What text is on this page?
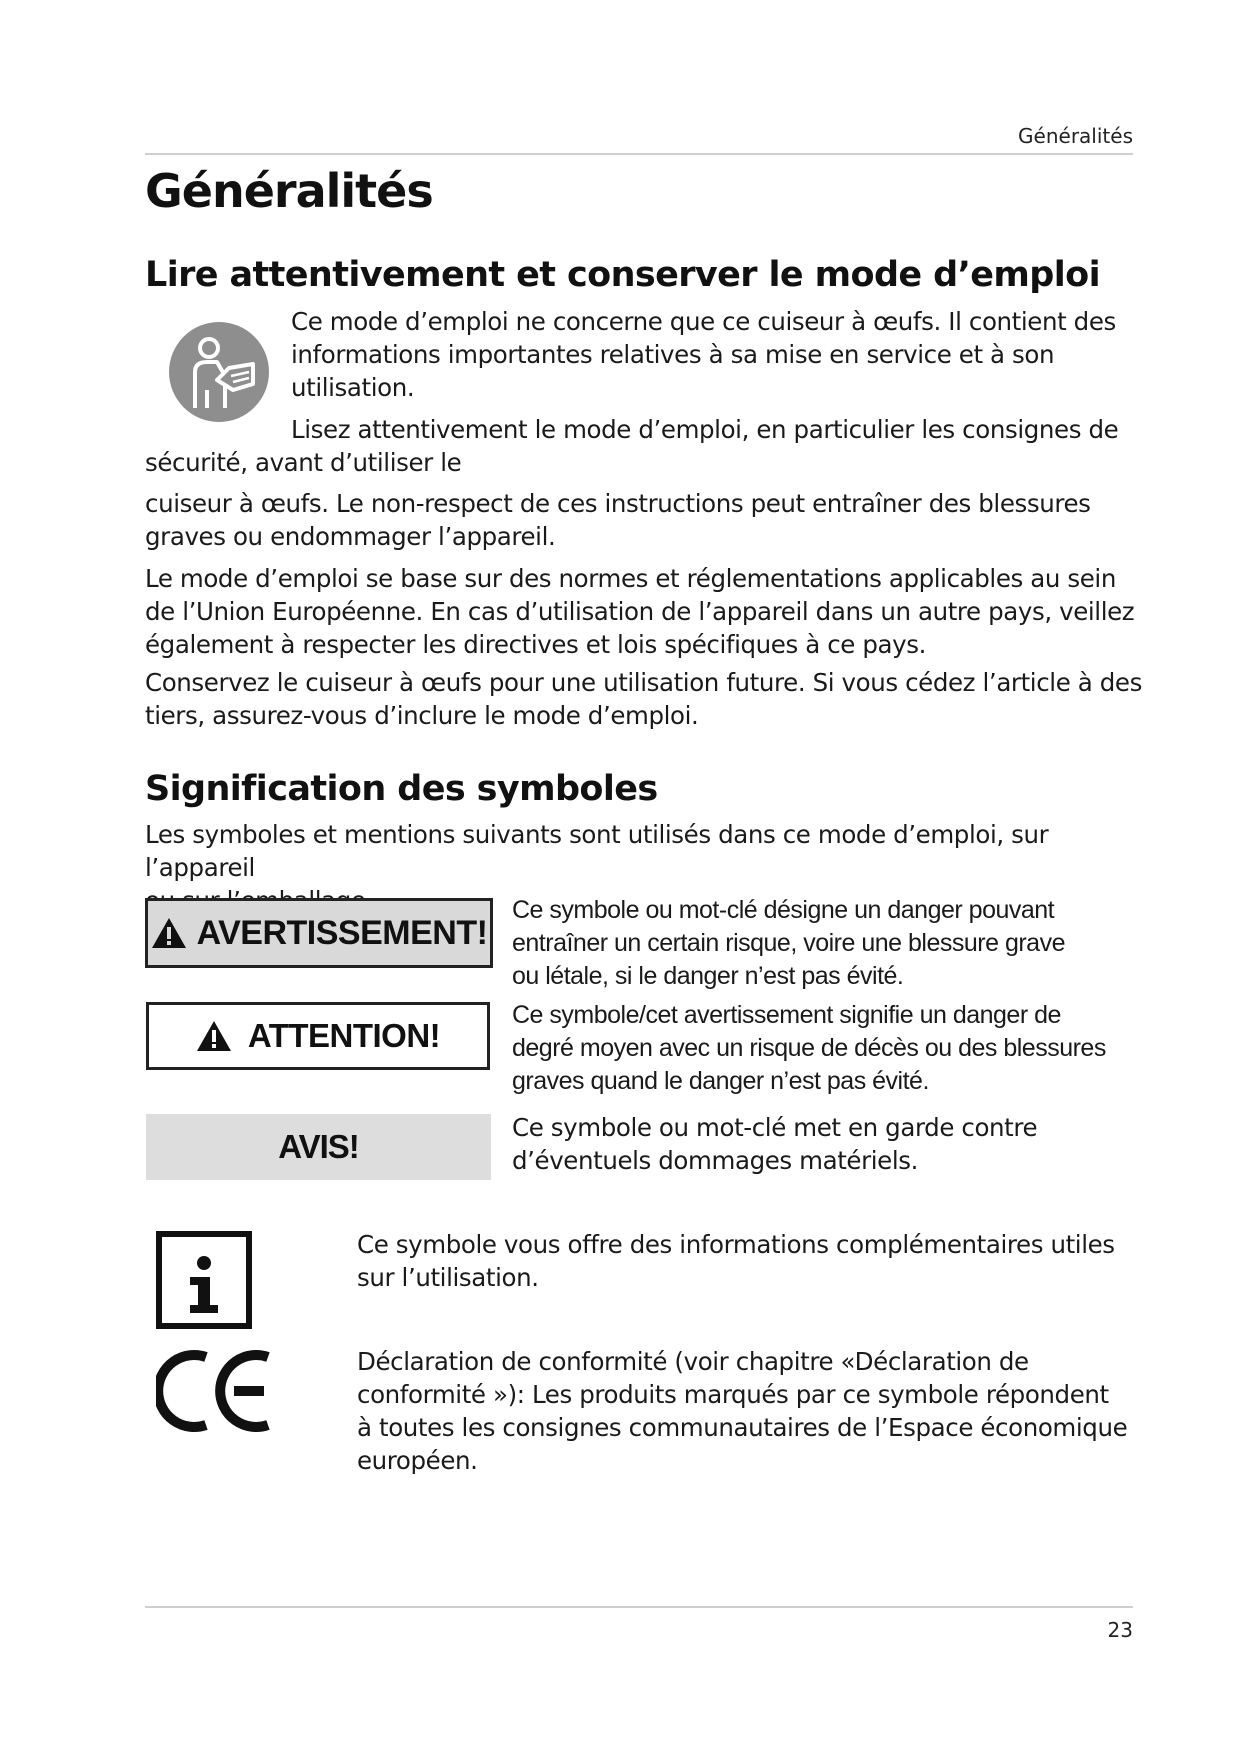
Généralités
Généralités
Lire attentivement et conserver le mode d’emploi

Ce mode d’emploi ne concerne que ce cuiseur à œufs. Il contient des

informations importantes relatives à sa mise en service et à son

utilisation.

Lisez attentivement le mode d’emploi, en particulier les consignes de

sécurité, avant d’utiliser le

cuiseur à œufs. Le non-respect de ces instructions peut entraîner des blessures

graves ou endommager l’appareil.

Le mode d’emploi se base sur des normes et réglementations applicables au sein

de l’Union Européenne. En cas d’utilisation de l’appareil dans un autre pays, veillez

également à respecter les directives et lois spécifiques à ce pays.

Conservez le cuiseur à œufs pour une utilisation future. Si vous cédez l’article à des

tiers, assurez-vous d’inclure le mode d’emploi.

Signification des symboles

Les symboles et mentions suivants sont utilisés dans ce mode d’emploi, sur l’appareil

AVERTISSEMENT!

Ce symbole ou mot-clé désigne un danger pouvant

entraîner un certain risque, voire une blessure grave

ou létale, si le danger n’est pas évité.

ATTENTION!

Ce symbole/cet avertissement signifie un danger de

degré moyen avec un risque de décès ou des blessures

graves quand le danger n’est pas évité.

AVIS!

Ce symbole ou mot-clé met en garde contre

d’éventuels dommages matériels.

Ce symbole vous offre des informations complémentaires utiles

sur l’utilisation.

Déclaration de conformité (voir chapitre «Déclaration de

conformité »): Les produits marqués par ce symbole répondent

à toutes les consignes communautaires de l’Espace économique

européen.

23
